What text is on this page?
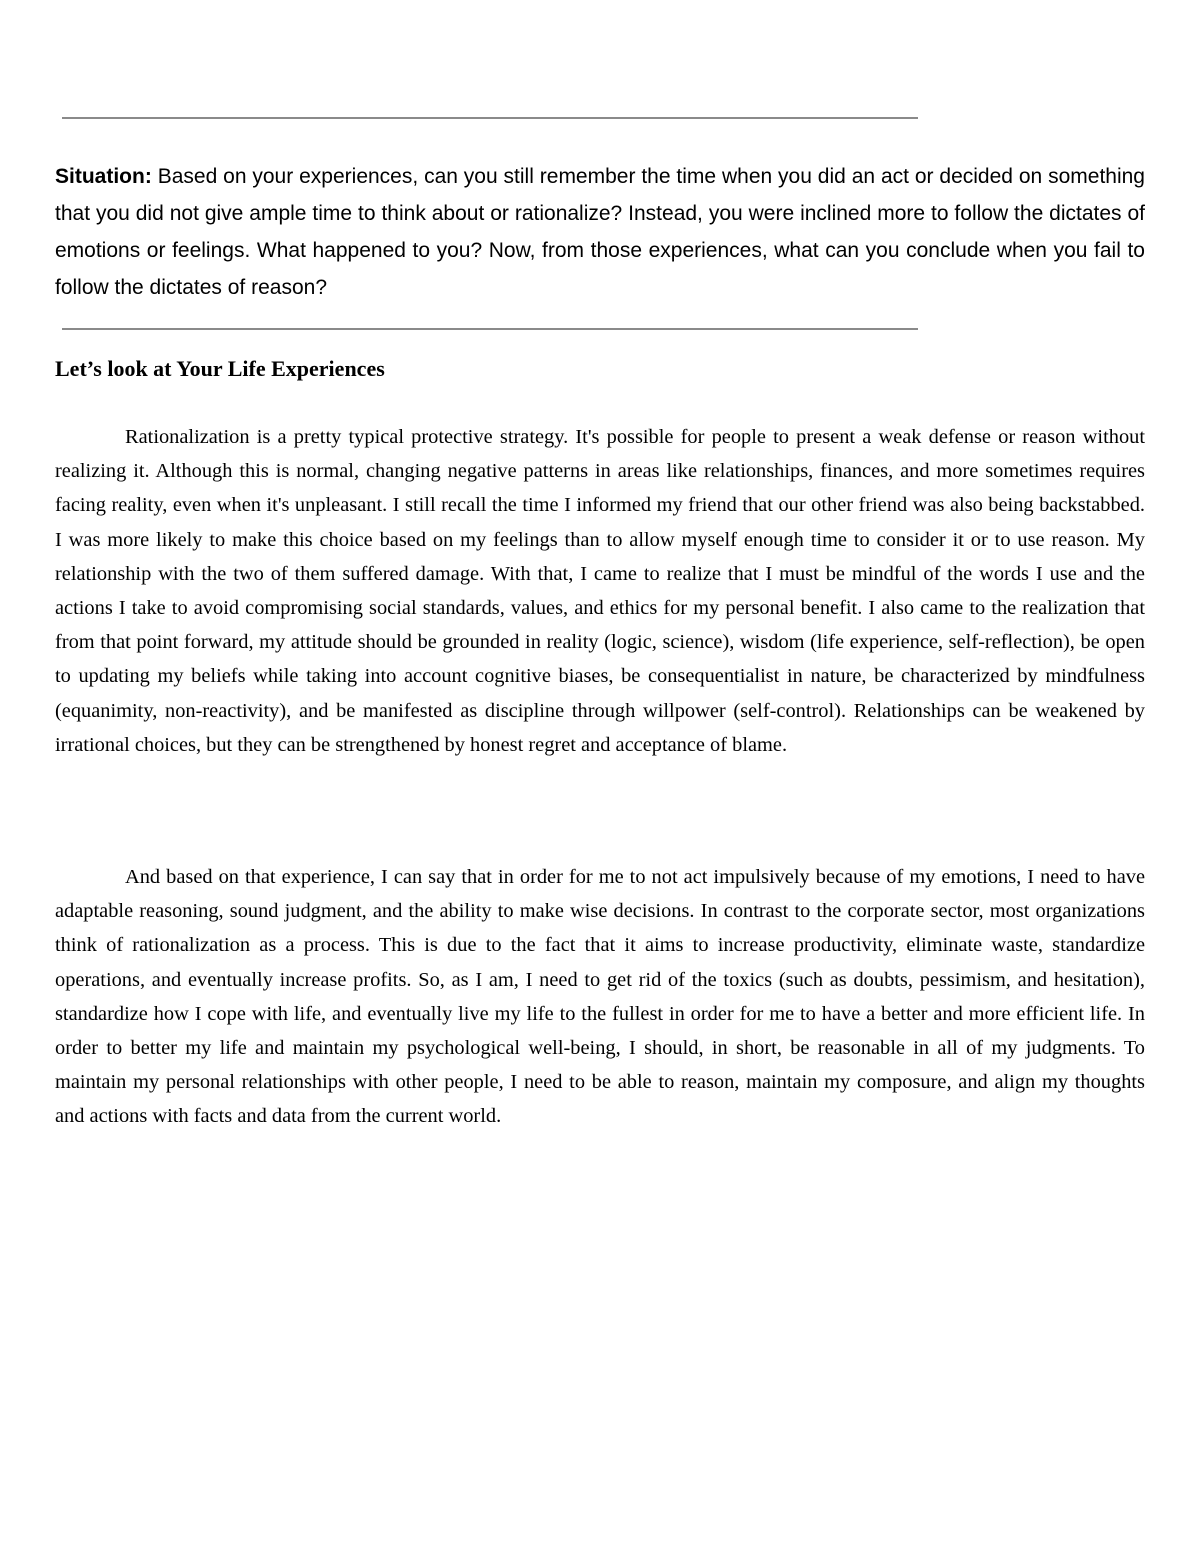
Situation: Based on your experiences, can you still remember the time when you did an act or decided on something that you did not give ample time to think about or rationalize? Instead, you were inclined more to follow the dictates of emotions or feelings. What happened to you? Now, from those experiences, what can you conclude when you fail to follow the dictates of reason?

Let’s look at Your Life Experiences

Rationalization is a pretty typical protective strategy. It's possible for people to present a weak defense or reason without realizing it. Although this is normal, changing negative patterns in areas like relationships, finances, and more sometimes requires facing reality, even when it's unpleasant. I still recall the time I informed my friend that our other friend was also being backstabbed. I was more likely to make this choice based on my feelings than to allow myself enough time to consider it or to use reason. My relationship with the two of them suffered damage. With that, I came to realize that I must be mindful of the words I use and the actions I take to avoid compromising social standards, values, and ethics for my personal benefit. I also came to the realization that from that point forward, my attitude should be grounded in reality (logic, science), wisdom (life experience, self-reflection), be open to updating my beliefs while taking into account cognitive biases, be consequentialist in nature, be characterized by mindfulness (equanimity, non-reactivity), and be manifested as discipline through willpower (self-control). Relationships can be weakened by irrational choices, but they can be strengthened by honest regret and acceptance of blame.

And based on that experience, I can say that in order for me to not act impulsively because of my emotions, I need to have adaptable reasoning, sound judgment, and the ability to make wise decisions. In contrast to the corporate sector, most organizations think of rationalization as a process. This is due to the fact that it aims to increase productivity, eliminate waste, standardize operations, and eventually increase profits. So, as I am, I need to get rid of the toxics (such as doubts, pessimism, and hesitation), standardize how I cope with life, and eventually live my life to the fullest in order for me to have a better and more efficient life. In order to better my life and maintain my psychological well-being, I should, in short, be reasonable in all of my judgments. To maintain my personal relationships with other people, I need to be able to reason, maintain my composure, and align my thoughts and actions with facts and data from the current world.
